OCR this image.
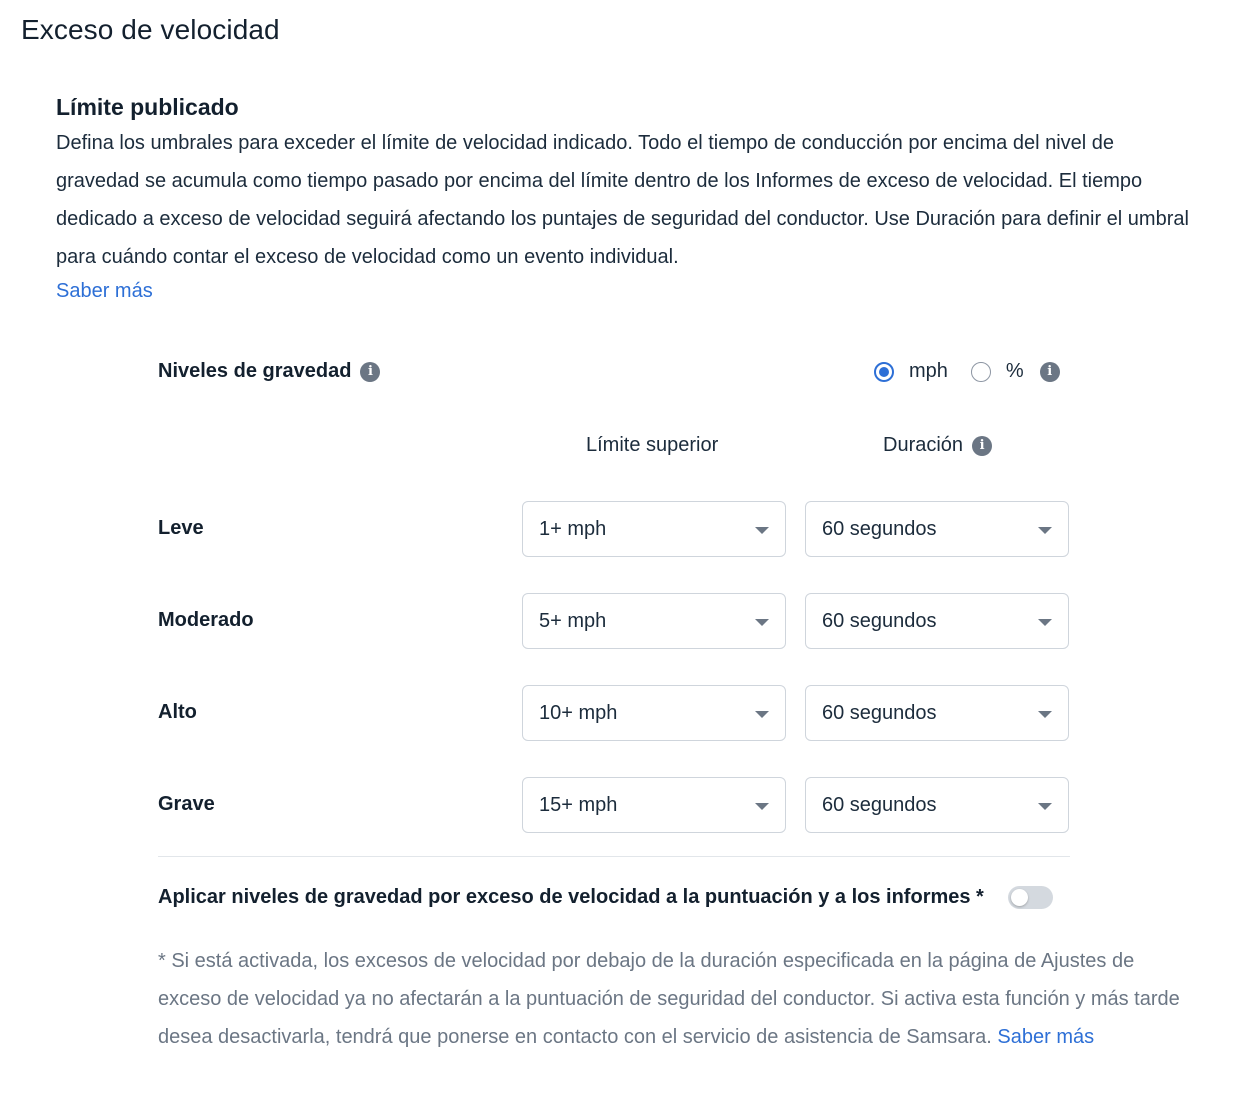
Exceso de velocidad
Límite publicado

Defina los umbrales para exceder el límite de velocidad indicado. Todo el tiempo de conducción por encima del nivel de gravedad se acumula como tiempo pasado por encima del límite dentro de los Informes de exceso de velocidad. El tiempo dedicado a exceso de velocidad seguirá afectando los puntajes de seguridad del conductor. Use Duración para definir el umbral para cuándo contar el exceso de velocidad como un evento individual.

Saber más
Niveles de gravedad	i	mph	%	i
Límite superior	Duración	i
Leve	1+ mph	60 segundos
Moderado	5+ mph	60 segundos
Alto	10+ mph	60 segundos
Grave	15+ mph	60 segundos
Aplicar niveles de gravedad por exceso de velocidad a la puntuación y a los informes *

* Si está activada, los excesos de velocidad por debajo de la duración especificada en la página de Ajustes de exceso de velocidad ya no afectarán a la puntuación de seguridad del conductor. Si activa esta función y más tarde desea desactivarla, tendrá que ponerse en contacto con el servicio de asistencia de Samsara. Saber más
